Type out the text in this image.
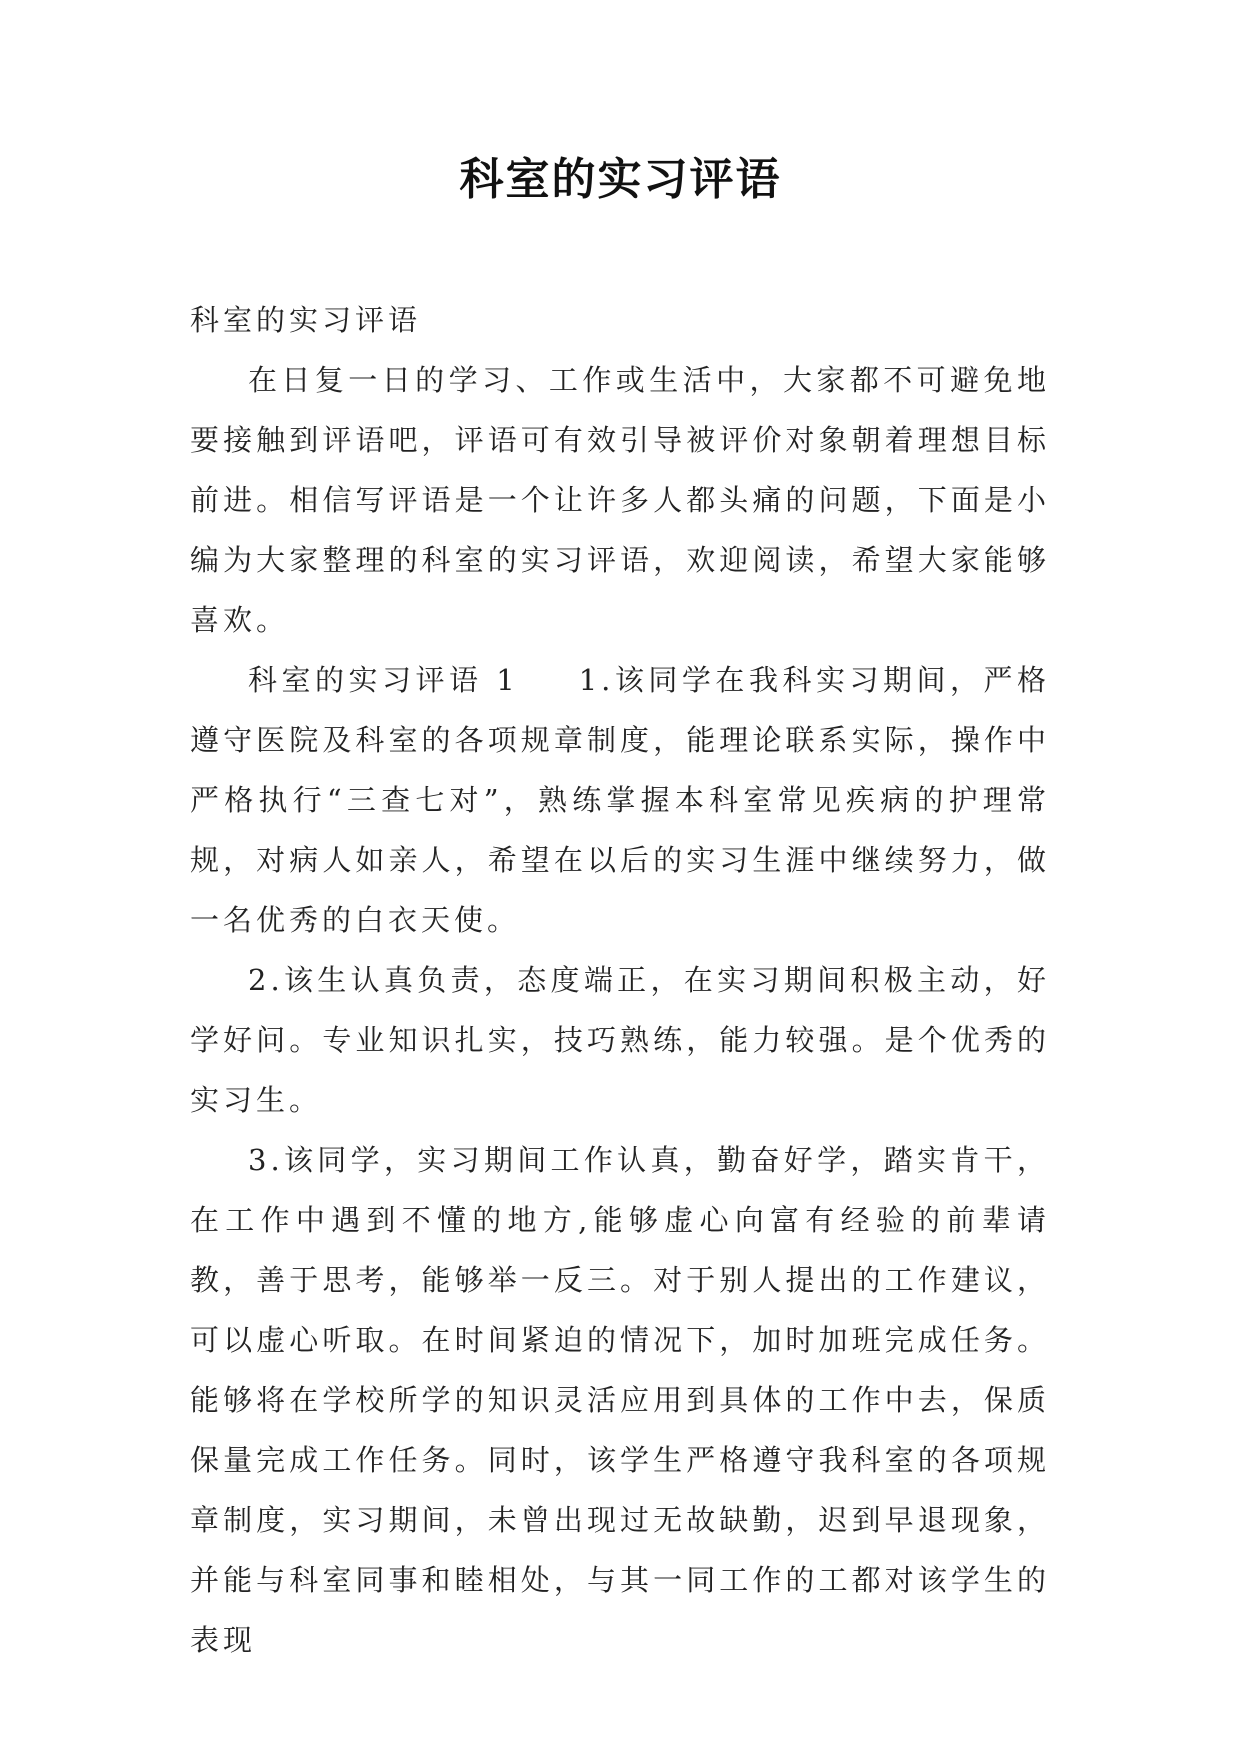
科室的实习评语

科室的实习评语

在日复一日的学习、工作或生活中，大家都不可避免地要接触到评语吧，评语可有效引导被评价对象朝着理想目标前进。相信写评语是一个让许多人都头痛的问题，下面是小编为大家整理的科室的实习评语，欢迎阅读，希望大家能够喜欢。

科室的实习评语 1 1.该同学在我科实习期间，严格遵守医院及科室的各项规章制度，能理论联系实际，操作中严格执行“三查七对”，熟练掌握本科室常见疾病的护理常规，对病人如亲人，希望在以后的实习生涯中继续努力，做一名优秀的白衣天使。

2.该生认真负责，态度端正，在实习期间积极主动，好学好问。专业知识扎实，技巧熟练，能力较强。是个优秀的实习生。

3.该同学，实习期间工作认真，勤奋好学，踏实肯干，在工作中遇到不懂的地方,能够虚心向富有经验的前辈请教，善于思考，能够举一反三。对于别人提出的工作建议，可以虚心听取。在时间紧迫的情况下，加时加班完成任务。能够将在学校所学的知识灵活应用到具体的工作中去，保质保量完成工作任务。同时，该学生严格遵守我科室的各项规章制度，实习期间，未曾出现过无故缺勤，迟到早退现象，并能与科室同事和睦相处，与其一同工作的工都对该学生的表现
